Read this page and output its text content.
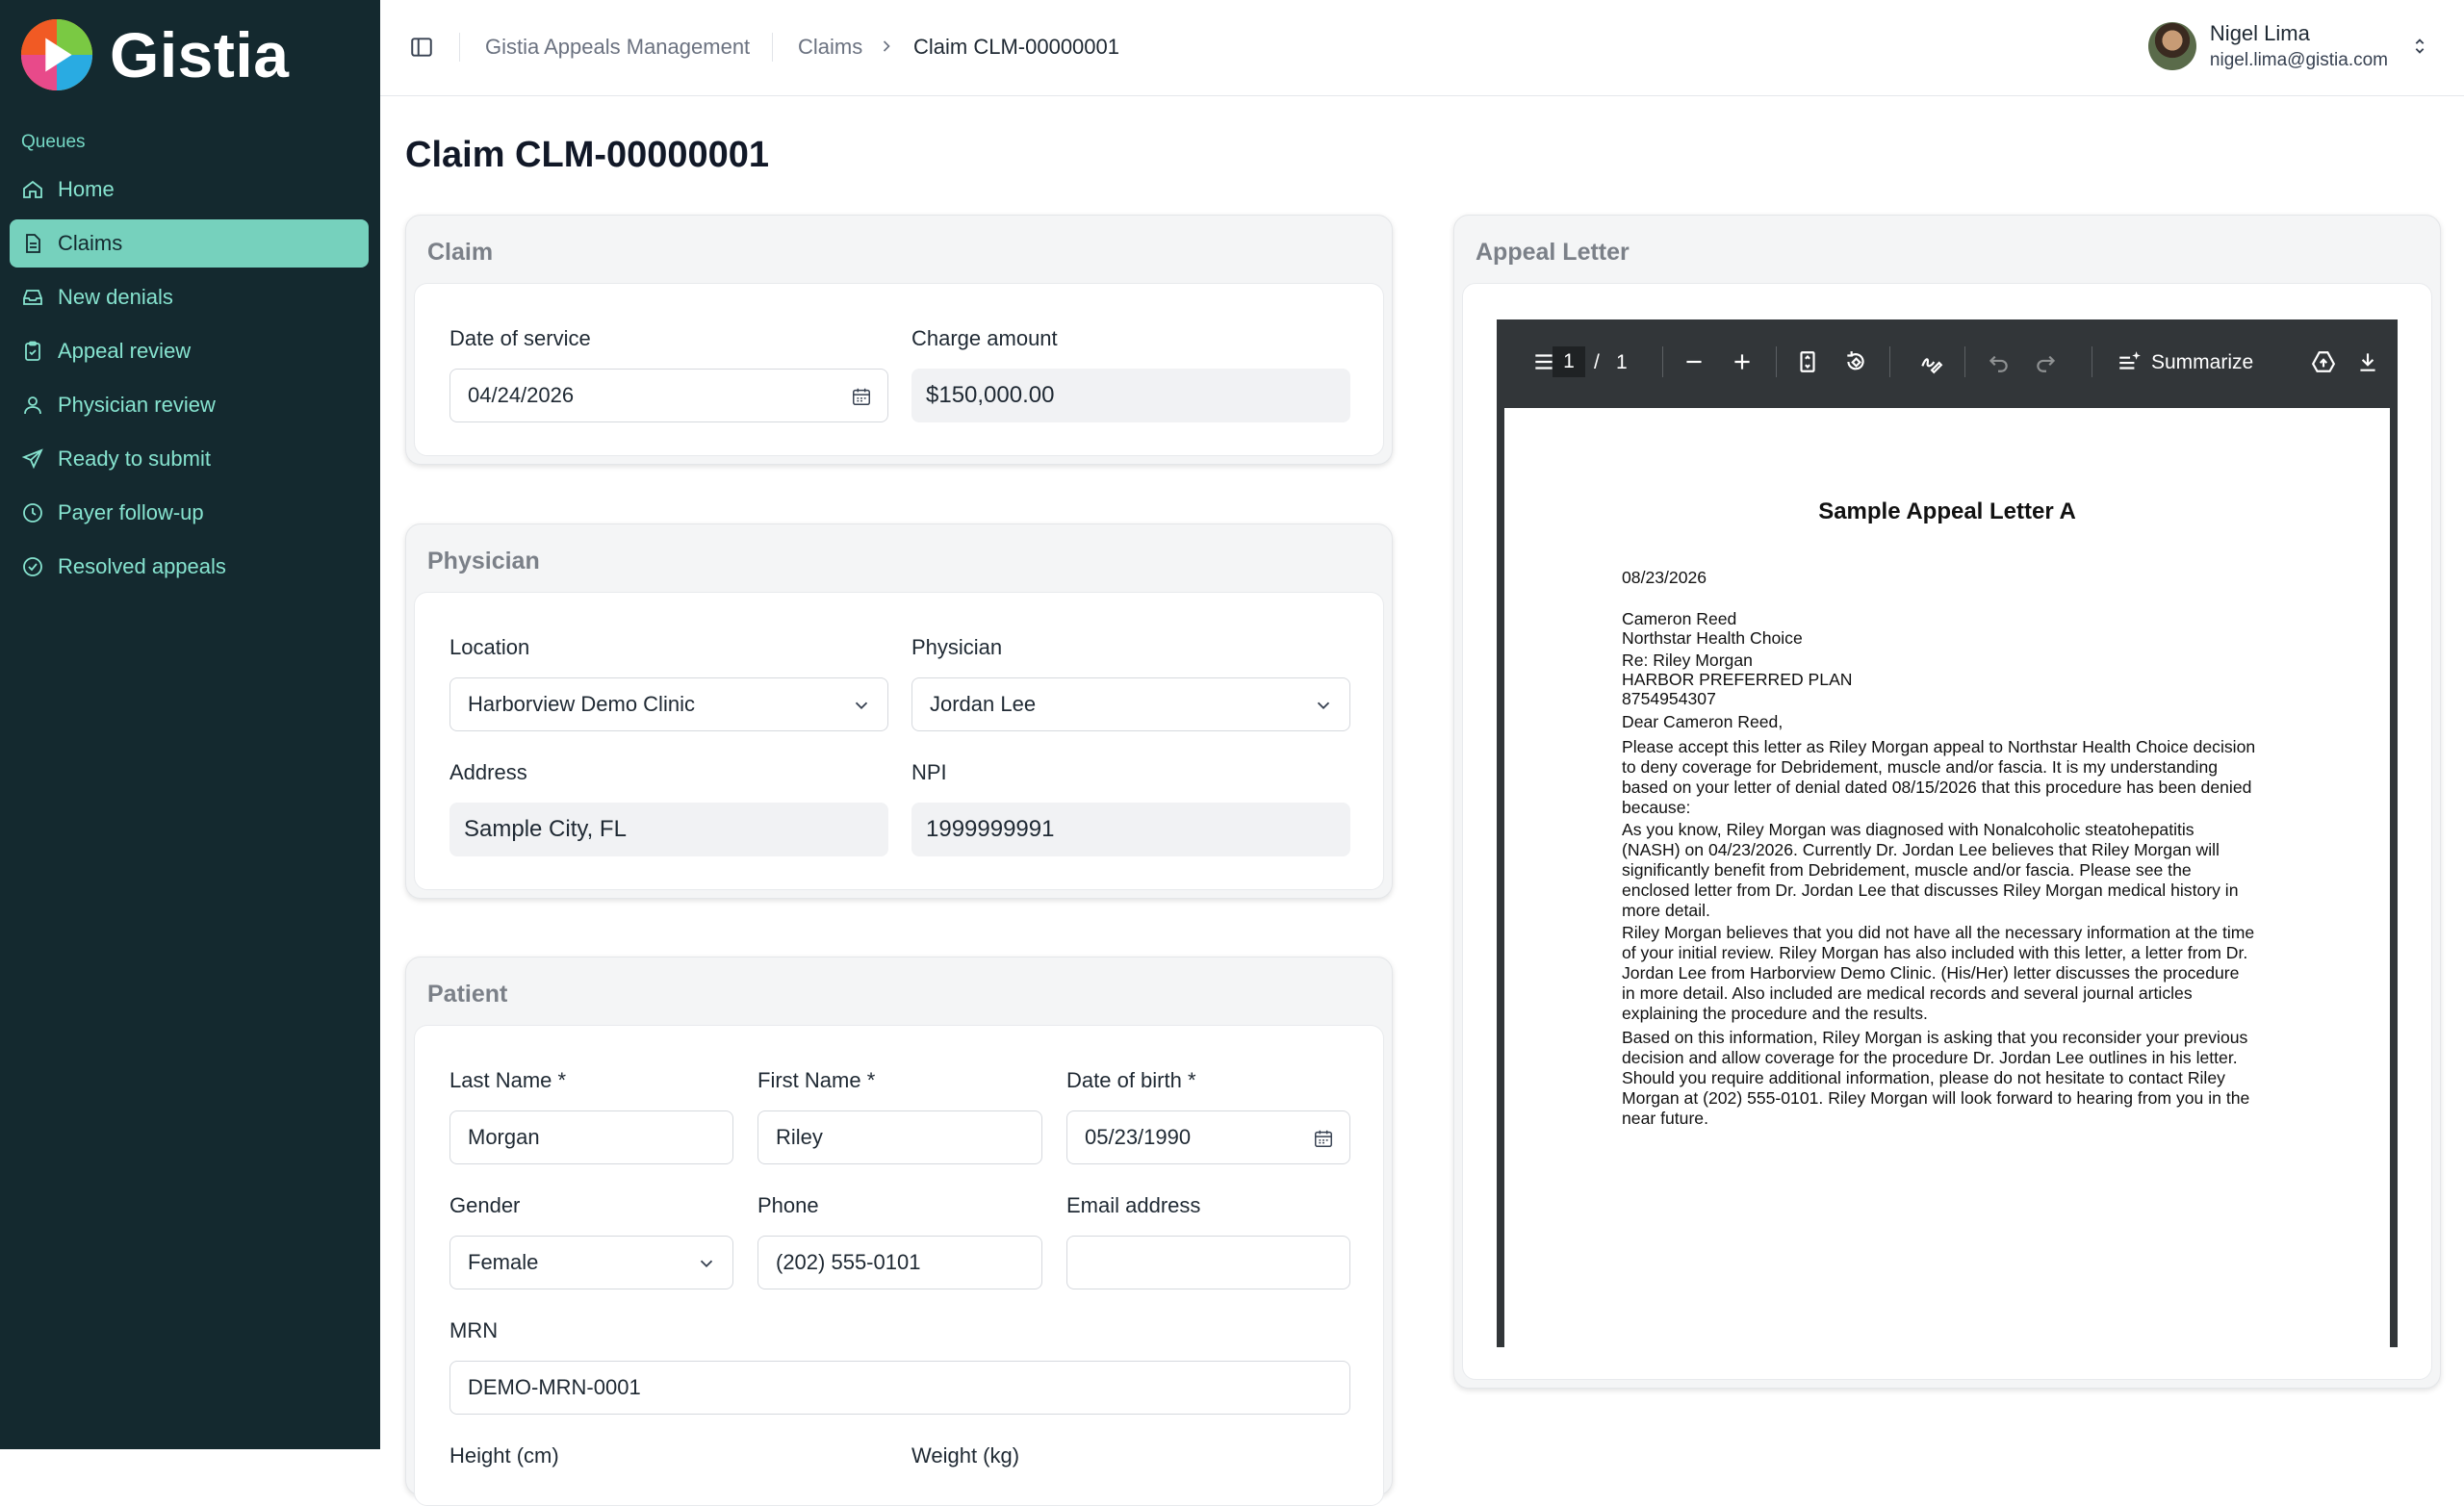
Gistia
Queues
Home
Claims
New denials
Appeal review
Physician review
Ready to submit
Payer follow-up
Resolved appeals
Gistia Appeals Management Claims Claim CLM-00000001
Nigel Lima
nigel.lima@gistia.com
Claim CLM-00000001
Claim
Date of service
04/24/2026
Charge amount
$150,000.00
Physician
Location
Harborview Demo Clinic
Physician
Jordan Lee
Address
Sample City, FL
NPI
1999999991
Patient
Last Name *
Morgan
First Name *
Riley
Date of birth *
05/23/1990
Gender
Female
Phone
(202) 555-0101
Email address
MRN
DEMO-MRN-0001
Height (cm)	Weight (kg)
Appeal Letter
1 / 1	Summarize
Sample Appeal Letter A
08/23/2026
Cameron Reed
Northstar Health Choice
Re: Riley Morgan
HARBOR PREFERRED PLAN
8754954307
Dear Cameron Reed,
Please accept this letter as Riley Morgan appeal to Northstar Health Choice decision
to deny coverage for Debridement, muscle and/or fascia. It is my understanding
based on your letter of denial dated 08/15/2026 that this procedure has been denied
because:
As you know, Riley Morgan was diagnosed with Nonalcoholic steatohepatitis
(NASH) on 04/23/2026. Currently Dr. Jordan Lee believes that Riley Morgan will
significantly benefit from Debridement, muscle and/or fascia. Please see the
enclosed letter from Dr. Jordan Lee that discusses Riley Morgan medical history in
more detail.
Riley Morgan believes that you did not have all the necessary information at the time
of your initial review. Riley Morgan has also included with this letter, a letter from Dr.
Jordan Lee from Harborview Demo Clinic. (His/Her) letter discusses the procedure
in more detail. Also included are medical records and several journal articles
explaining the procedure and the results.
Based on this information, Riley Morgan is asking that you reconsider your previous
decision and allow coverage for the procedure Dr. Jordan Lee outlines in his letter.
Should you require additional information, please do not hesitate to contact Riley
Morgan at (202) 555-0101. Riley Morgan will look forward to hearing from you in the
near future.
